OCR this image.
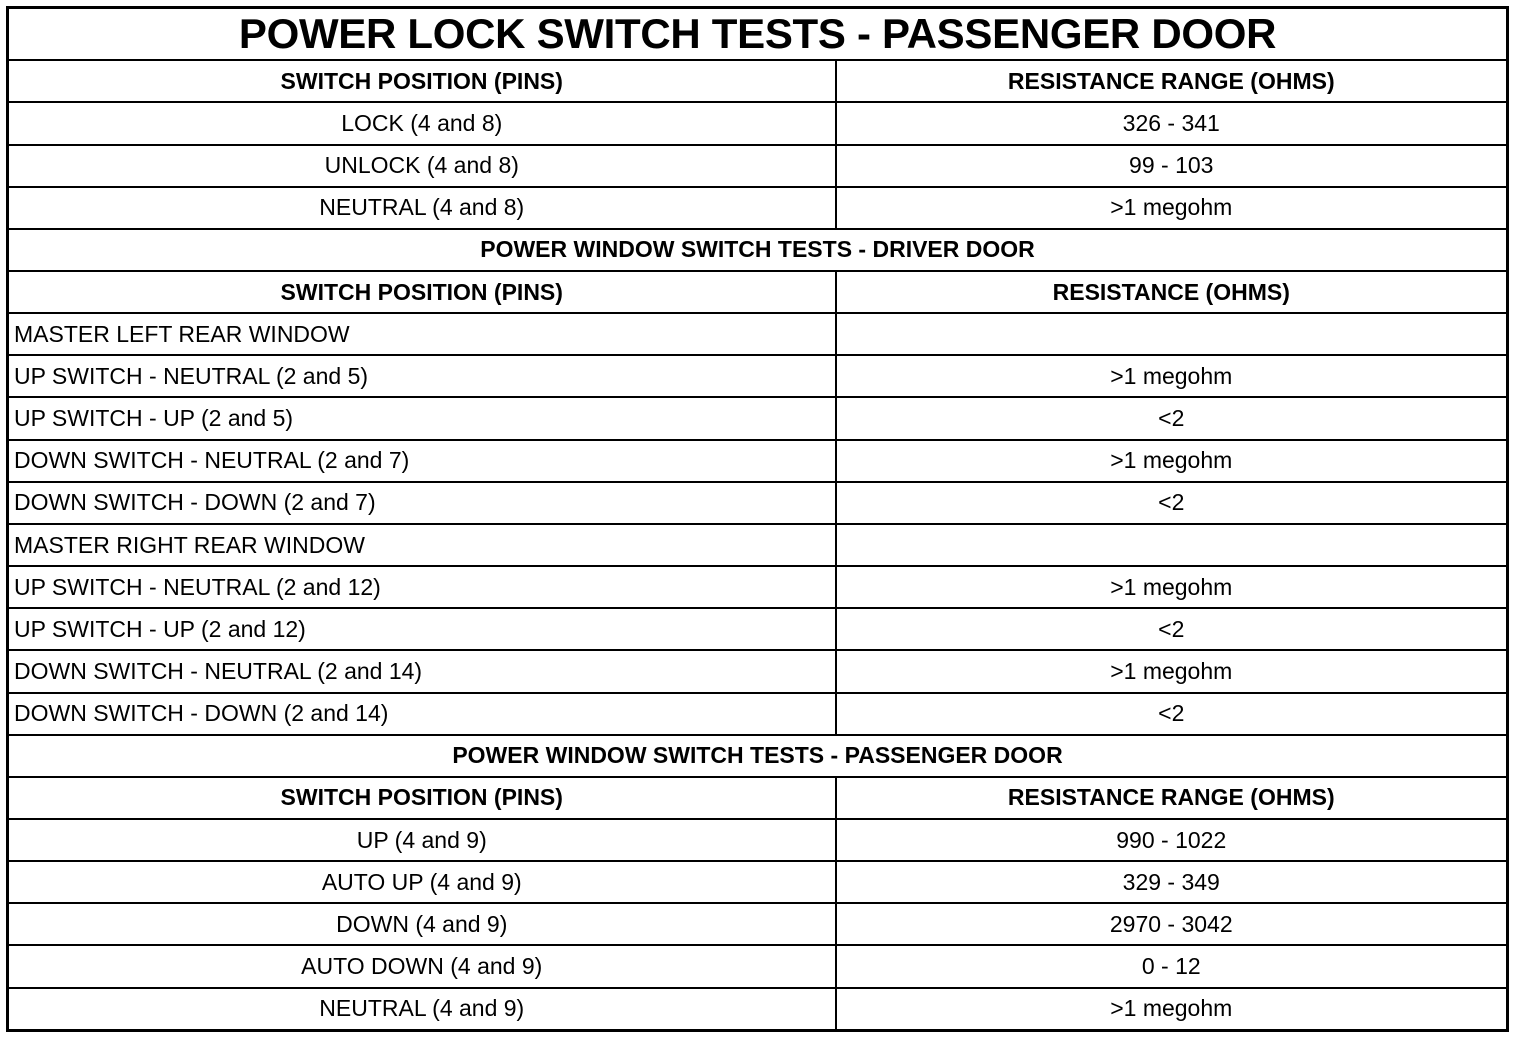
POWER LOCK SWITCH TESTS - PASSENGER DOOR	
SWITCH POSITION (PINS)	RESISTANCE RANGE (OHMS)
LOCK (4 and 8)	326 - 341
UNLOCK (4 and 8)	99 - 103
NEUTRAL (4 and 8)	>1 megohm
POWER WINDOW SWITCH TESTS - DRIVER DOOR	
SWITCH POSITION (PINS)	RESISTANCE (OHMS)
MASTER LEFT REAR WINDOW	
UP SWITCH - NEUTRAL (2 and 5)	>1 megohm
UP SWITCH - UP (2 and 5)	<2
DOWN SWITCH - NEUTRAL (2 and 7)	>1 megohm
DOWN SWITCH - DOWN (2 and 7)	<2
MASTER RIGHT REAR WINDOW	
UP SWITCH - NEUTRAL (2 and 12)	>1 megohm
UP SWITCH - UP (2 and 12)	<2
DOWN SWITCH - NEUTRAL (2 and 14)	>1 megohm
DOWN SWITCH - DOWN (2 and 14)	<2
POWER WINDOW SWITCH TESTS - PASSENGER DOOR	
SWITCH POSITION (PINS)	RESISTANCE RANGE (OHMS)
UP (4 and 9)	990 - 1022
AUTO UP (4 and 9)	329 - 349
DOWN (4 and 9)	2970 - 3042
AUTO DOWN (4 and 9)	0 - 12
NEUTRAL (4 and 9)	>1 megohm
